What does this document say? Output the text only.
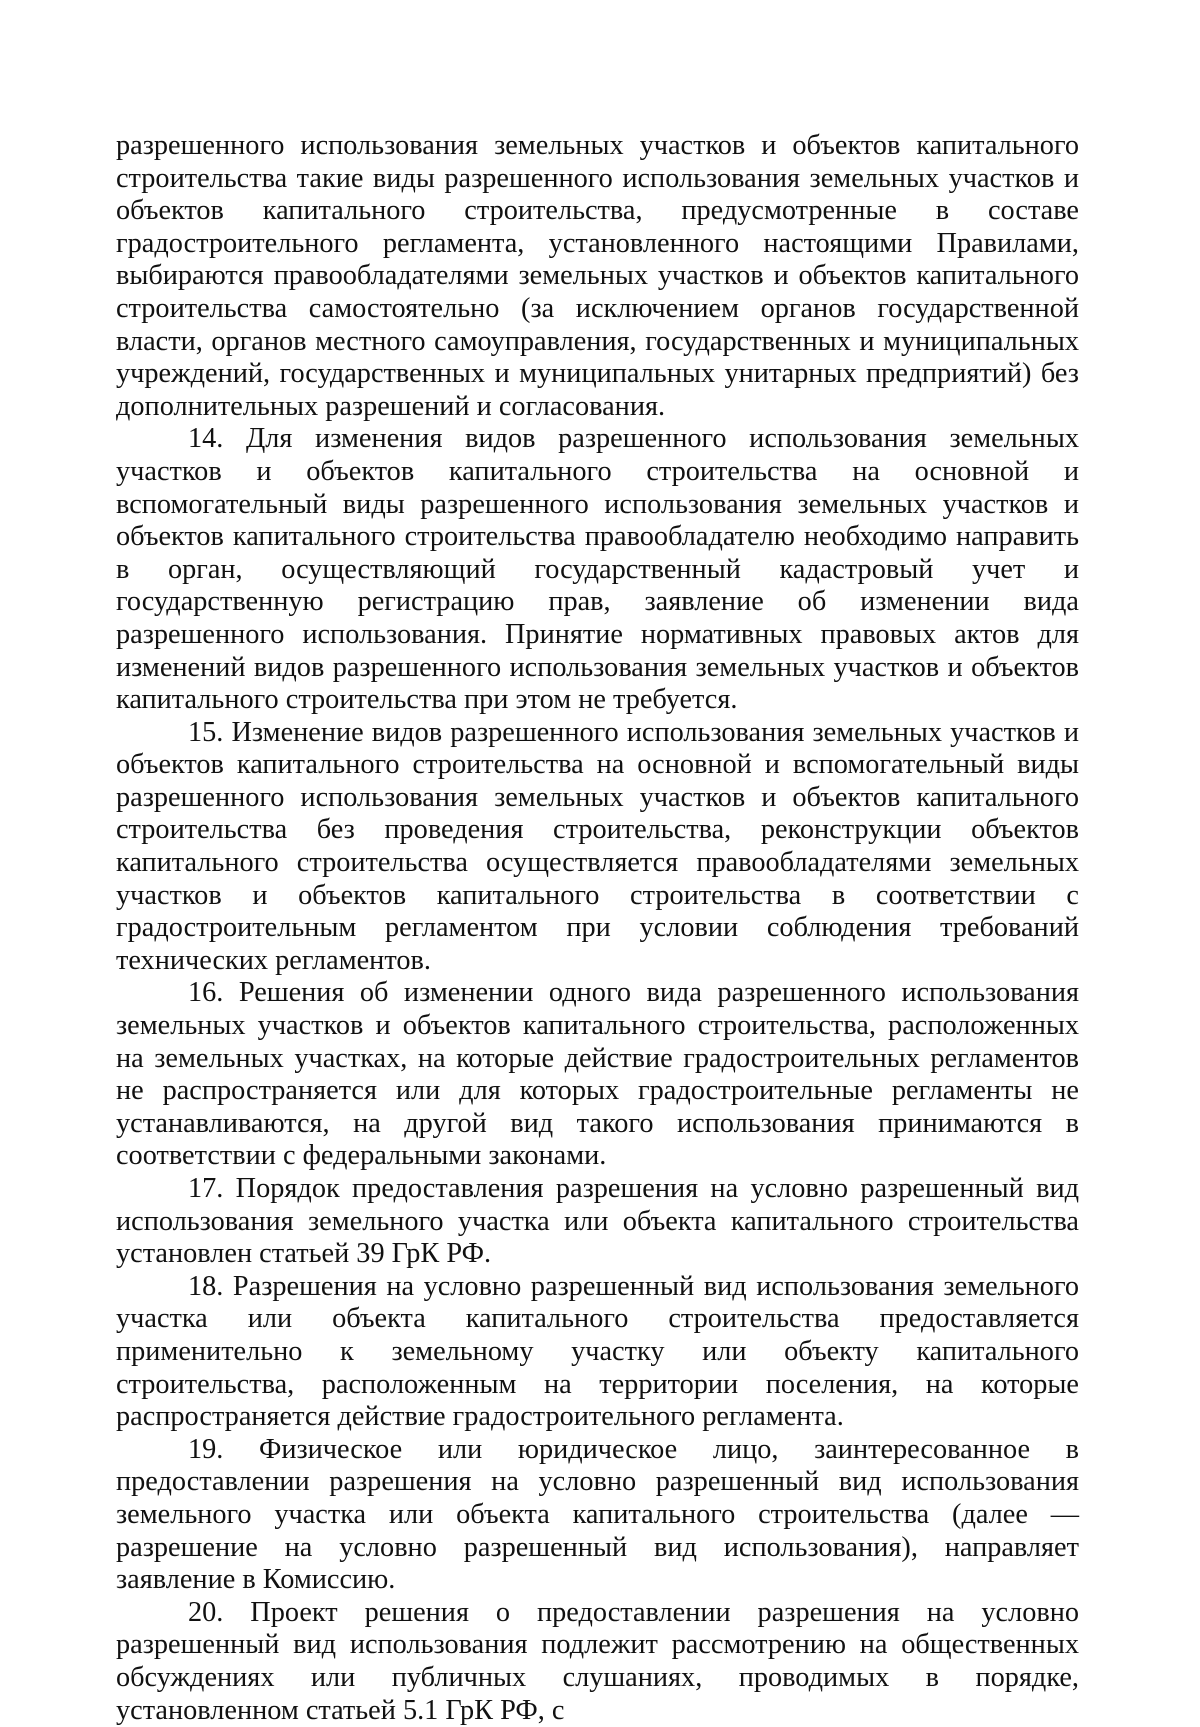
разрешенного использования земельных участков и объектов капитального строительства такие виды разрешенного использования земельных участков и объектов капитального строительства, предусмотренные в составе градостроительного регламента, установленного настоящими Правилами, выбираются правообладателями земельных участков и объектов капитального строительства самостоятельно (за исключением органов государственной власти, органов местного самоуправления, государственных и муниципальных учреждений, государственных и муниципальных унитарных предприятий) без дополнительных разрешений и согласования.

14. Для изменения видов разрешенного использования земельных участков и объектов капитального строительства на основной и вспомогательный виды разрешенного использования земельных участков и объектов капитального строительства правообладателю необходимо направить в орган, осуществляющий государственный кадастровый учет и государственную регистрацию прав, заявление об изменении вида разрешенного использования. Принятие нормативных правовых актов для изменений видов разрешенного использования земельных участков и объектов капитального строительства при этом не требуется.

15. Изменение видов разрешенного использования земельных участков и объектов капитального строительства на основной и вспомогательный виды разрешенного использования земельных участков и объектов капитального строительства без проведения строительства, реконструкции объектов капитального строительства осуществляется правообладателями земельных участков и объектов капитального строительства в соответствии с градостроительным регламентом при условии соблюдения требований технических регламентов.

16. Решения об изменении одного вида разрешенного использования земельных участков и объектов капитального строительства, расположенных на земельных участках, на которые действие градостроительных регламентов не распространяется или для которых градостроительные регламенты не устанавливаются, на другой вид такого использования принимаются в соответствии с федеральными законами.

17. Порядок предоставления разрешения на условно разрешенный вид использования земельного участка или объекта капитального строительства установлен статьей 39 ГрК РФ.

18. Разрешения на условно разрешенный вид использования земельного участка или объекта капитального строительства предоставляется применительно к земельному участку или объекту капитального строительства, расположенным на территории поселения, на которые распространяется действие градостроительного регламента.

19. Физическое или юридическое лицо, заинтересованное в предоставлении разрешения на условно разрешенный вид использования земельного участка или объекта капитального строительства (далее — разрешение на условно разрешенный вид использования), направляет заявление в Комиссию.

20. Проект решения о предоставлении разрешения на условно разрешенный вид использования подлежит рассмотрению на общественных обсуждениях или публичных слушаниях, проводимых в порядке, установленном статьей 5.1 ГрК РФ, с
